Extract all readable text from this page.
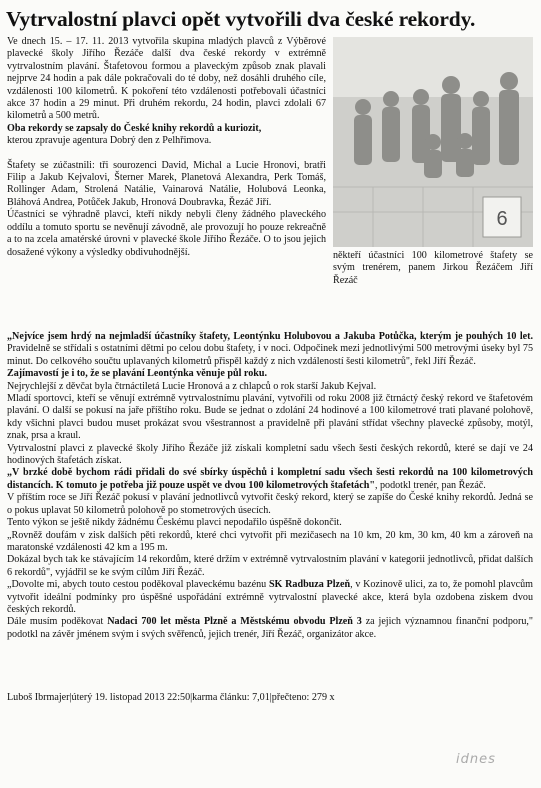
Vytrvalostní plavci opět vytvořili dva české rekordy.

Ve dnech 15. – 17. 11. 2013 vytvořila skupina mladých plavců z Výběrové plavecké školy Jiřího Řezáče další dva české rekordy v extrémně vytrvalostním plavání. Štafetovou formou a plaveckým způsob znak plavali nejprve 24 hodin a pak dále pokračovali do té doby, než dosáhli druhého cíle, vzdálenosti 100 kilometrů. K pokoření této vzdálenosti potřebovali účastníci akce 37 hodin a 29 minut. Při druhém rekordu, 24 hodin, plavci zdolali 67 kilometrů a 500 metrů.

Oba rekordy se zapsaly do České knihy rekordů a kuriozit,

kterou zpravuje agentura Dobrý den z Pelhřimova.

Štafety se zúčastnili: tři sourozenci David, Michal a Lucie Hronovi, bratři Filip a Jakub Kejvalovi, Šterner Marek, Planetová Alexandra, Perk Tomáš, Rollinger Adam, Strolená Natálie, Vainarová Natálie, Holubová Leonka, Bláhová Andrea, Potůček Jakub, Hronová Doubravka, Řezáč Jiří.

Účastníci se výhradně plavci, kteří nikdy nebyli členy žádného plaveckého oddílu a tomuto sportu se nevěnují závodně, ale provozují ho pouze rekreačně a to na zcela amatérské úrovni v plavecké škole Jiřího Řezáče. O to jsou jejich dosažené výkony a výsledky obdivuhodnější.

6

někteří účastníci 100 kilometrové štafety se svým trenérem, panem Jirkou Řezáčem Jiří Řezáč

„Nejvíce jsem hrdý na nejmladší účastníky štafety, Leontýnku Holubovou a Jakuba Potůčka, kterým je pouhých 10 let. Pravidelně se střídali s ostatními dětmi po celou dobu štafety, i v noci. Odpočinek mezi jednotlivými 500 metrovými úseky byl 75 minut. Do celkového součtu uplavaných kilometrů přispěl každý z nich vzdáleností šesti kilometrů", řekl Jiří Řezáč.

Zajímavostí je i to, že se plavání Leontýnka věnuje půl roku.

Nejrychlejší z děvčat byla čtrnáctiletá Lucie Hronová a z chlapců o rok starší Jakub Kejval.

Mladí sportovci, kteří se věnují extrémně vytrvalostnímu plavání, vytvořili od roku 2008 již čtrnáctý český rekord ve štafetovém plavání. O další se pokusí na jaře příštího roku. Bude se jednat o zdolání 24 hodinové a 100 kilometrové trati plavané polohově, kdy všichni plavci budou muset prokázat svou všestrannost a pravidelně při plavání střídat všechny plavecké způsoby, motýl, znak, prsa a kraul.

Vytrvalostní plavci z plavecké školy Jiřího Řezáče již získali kompletní sadu všech šesti českých rekordů, které se dají ve 24 hodinových štafetách získat.

„V brzké době bychom rádi přidali do své sbírky úspěchů i kompletní sadu všech šesti rekordů na 100 kilometrových distancích. K tomuto je potřeba již pouze uspět ve dvou 100 kilometrových štafetách", podotkl trenér, pan Řezáč.

V příštím roce se Jiří Řezáč pokusí v plavání jednotlivců vytvořit český rekord, který se zapíše do České knihy rekordů. Jedná se o pokus uplavat 50 kilometrů polohově po stometrových úsecích.

Tento výkon se ještě nikdy žádnému Českému plavci nepodařilo úspěšně dokončit.

„Rovněž doufám v zisk dalších pěti rekordů, které chci vytvořit při mezičasech na 10 km, 20 km, 30 km, 40 km a zároveň na maratonské vzdálenosti 42 km a 195 m.

Dokázal bych tak ke stávajícím 14 rekordům, které držím v extrémně vytrvalostním plavání v kategorii jednotlivců, přidat dalších 6 rekordů", vyjádřil se ke svým cílům Jiří Řezáč.

„Dovolte mi, abych touto cestou poděkoval plaveckému bazénu SK Radbuza Plzeň, v Kozinově ulici, za to, že pomohl plavcům vytvořit ideální podmínky pro úspěšné uspořádání extrémně vytrvalostní plavecké akce, která byla ozdobena ziskem dvou českých rekordů.

Dále musím poděkovat Nadaci 700 let města Plzně a Městskému obvodu Plzeň 3 za jejich významnou finanční podporu," podotkl na závěr jménem svým i svých svěřenců, jejich trenér, Jiří Řezáč, organizátor akce.

Luboš Ibrmajer|úterý 19. listopad 2013 22:50|karma článku: 7,01|přečteno: 279 x
idnes
